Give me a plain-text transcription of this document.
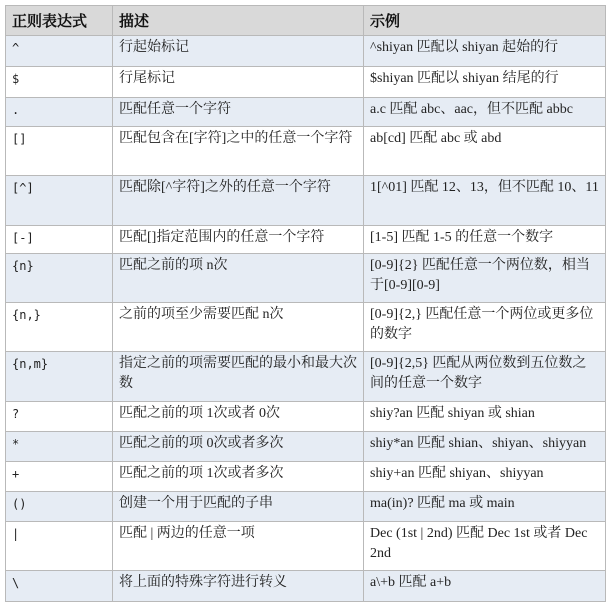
正则表达式	描述	示例
^	行起始标记	^shiyan 匹配以 shiyan 起始的行
$	行尾标记	$shiyan 匹配以 shiyan 结尾的行
.	匹配任意一个字符	a.c 匹配 abc、aac，但不匹配 abbc
[]	匹配包含在[字符]之中的任意一个字符	ab[cd] 匹配 abc 或 abd
[^]	匹配除[^字符]之外的任意一个字符	1[^01] 匹配 12、13，但不匹配 10、11
[-]	匹配[]指定范围内的任意一个字符	[1-5] 匹配 1-5 的任意一个数字
{n}	匹配之前的项 n次	[0-9]{2} 匹配任意一个两位数，相当于[0-9][0-9]
{n,}	之前的项至少需要匹配 n次	[0-9]{2,} 匹配任意一个两位或更多位的数字
{n,m}	指定之前的项需要匹配的最小和最大次数	[0-9]{2,5} 匹配从两位数到五位数之间的任意一个数字
?	匹配之前的项 1次或者 0次	shiy?an 匹配 shiyan 或 shian
*	匹配之前的项 0次或者多次	shiy*an 匹配 shian、shiyan、shiyyan
+	匹配之前的项 1次或者多次	shiy+an 匹配 shiyan、shiyyan
()	创建一个用于匹配的子串	ma(in)? 匹配 ma 或 main
|	匹配 | 两边的任意一项	Dec (1st | 2nd) 匹配 Dec 1st 或者 Dec 2nd
\	将上面的特殊字符进行转义	a\+b 匹配 a+b
